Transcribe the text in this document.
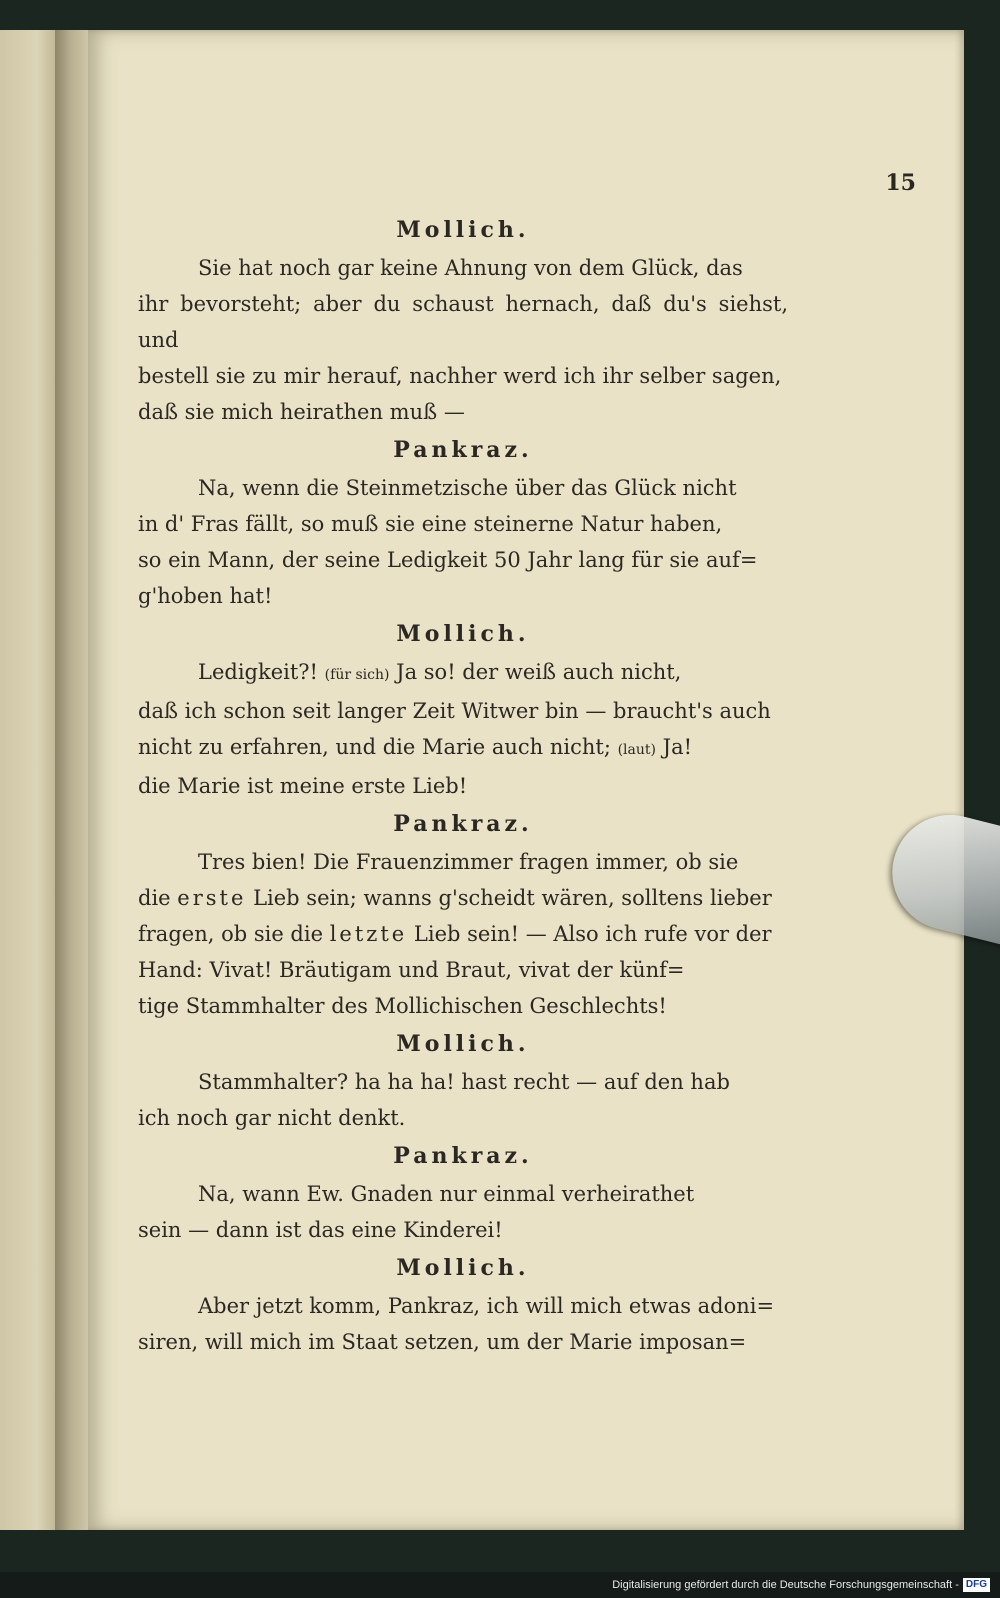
15
Mollich.

Sie hat noch gar keine Ahnung von dem Glück, das

ihr bevorsteht; aber du schaust hernach, daß du's siehst, und

bestell sie zu mir herauf, nachher werd ich ihr selber sagen,

daß sie mich heirathen muß —

Pankraz.

Na, wenn die Steinmetzische über das Glück nicht

in d' Fras fällt, so muß sie eine steinerne Natur haben,

so ein Mann, der seine Ledigkeit 50 Jahr lang für sie auf=

g'hoben hat!

Mollich.

Ledigkeit?! (für sich) Ja so! der weiß auch nicht,

daß ich schon seit langer Zeit Witwer bin — braucht's auch

nicht zu erfahren, und die Marie auch nicht; (laut) Ja!

die Marie ist meine erste Lieb!

Pankraz.

Tres bien! Die Frauenzimmer fragen immer, ob sie

die erste Lieb sein; wanns g'scheidt wären, solltens lieber

fragen, ob sie die letzte Lieb sein! — Also ich rufe vor der

Hand: Vivat! Bräutigam und Braut, vivat der künf=

tige Stammhalter des Mollichischen Geschlechts!

Mollich.

Stammhalter? ha ha ha! hast recht — auf den hab

ich noch gar nicht denkt.

Pankraz.

Na, wann Ew. Gnaden nur einmal verheirathet

sein — dann ist das eine Kinderei!

Mollich.

Aber jetzt komm, Pankraz, ich will mich etwas adoni=

siren, will mich im Staat setzen, um der Marie imposan=

Digitalisierung gefördert durch die Deutsche Forschungsgemeinschaft - DFG
